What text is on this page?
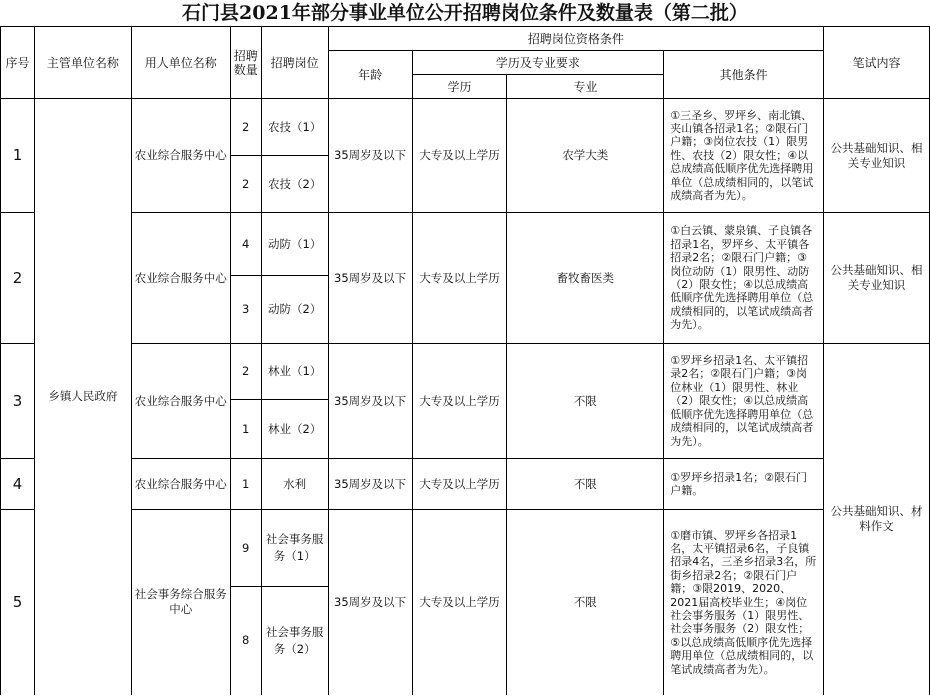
石门县2021年部分事业单位公开招聘岗位条件及数量表（第二批）
序号	主管单位名称	用人单位名称	招聘数量	招聘岗位	招聘岗位资格条件				笔试内容
					年龄	学历及专业要求		其他条件	
						学历	专业		
1	乡镇人民政府	农业综合服务中心	2	农技（1）	35周岁及以下	大专及以上学历	农学大类	①三圣乡、罗坪乡、南北镇、夹山镇各招录1名；②限石门户籍；③岗位农技（1）限男性、农技（2）限女性；④以总成绩高低顺序优先选择聘用单位（总成绩相同的，以笔试成绩高者为先）。	公共基础知识、相关专业知识
			2	农技（2）					
2		农业综合服务中心	4	动防（1）	35周岁及以下	大专及以上学历	畜牧畜医类	①白云镇、蒙泉镇、子良镇各招录1名，罗坪乡、太平镇各招录2名；②限石门户籍；③岗位动防（1）限男性、动防（2）限女性；④以总成绩高低顺序优先选择聘用单位（总成绩相同的，以笔试成绩高者为先）。	公共基础知识、相关专业知识
			3	动防（2）					
3		农业综合服务中心	2	林业（1）	35周岁及以下	大专及以上学历	不限	①罗坪乡招录1名、太平镇招录2名；②限石门户籍；③岗位林业（1）限男性、林业（2）限女性；④以总成绩高低顺序优先选择聘用单位（总成绩相同的，以笔试成绩高者为先）。	公共基础知识、材料作文
			1	林业（2）					
4		农业综合服务中心	1	水利	35周岁及以下	大专及以上学历	不限	①罗坪乡招录1名；②限石门户籍。	
5		社会事务综合服务中心	9	社会事务服务（1）	35周岁及以下	大专及以上学历	不限	①磨市镇、罗坪乡各招录1名，太平镇招录6名，子良镇招录4名，三圣乡招录3名，所街乡招录2名；②限石门户籍；③限2019、2020、2021届高校毕业生；④岗位社会事务服务（1）限男性、社会事务服务（2）限女性；⑤以总成绩高低顺序优先选择聘用单位（总成绩相同的，以笔试成绩高者为先）。	
			8	社会事务服务（2）					
